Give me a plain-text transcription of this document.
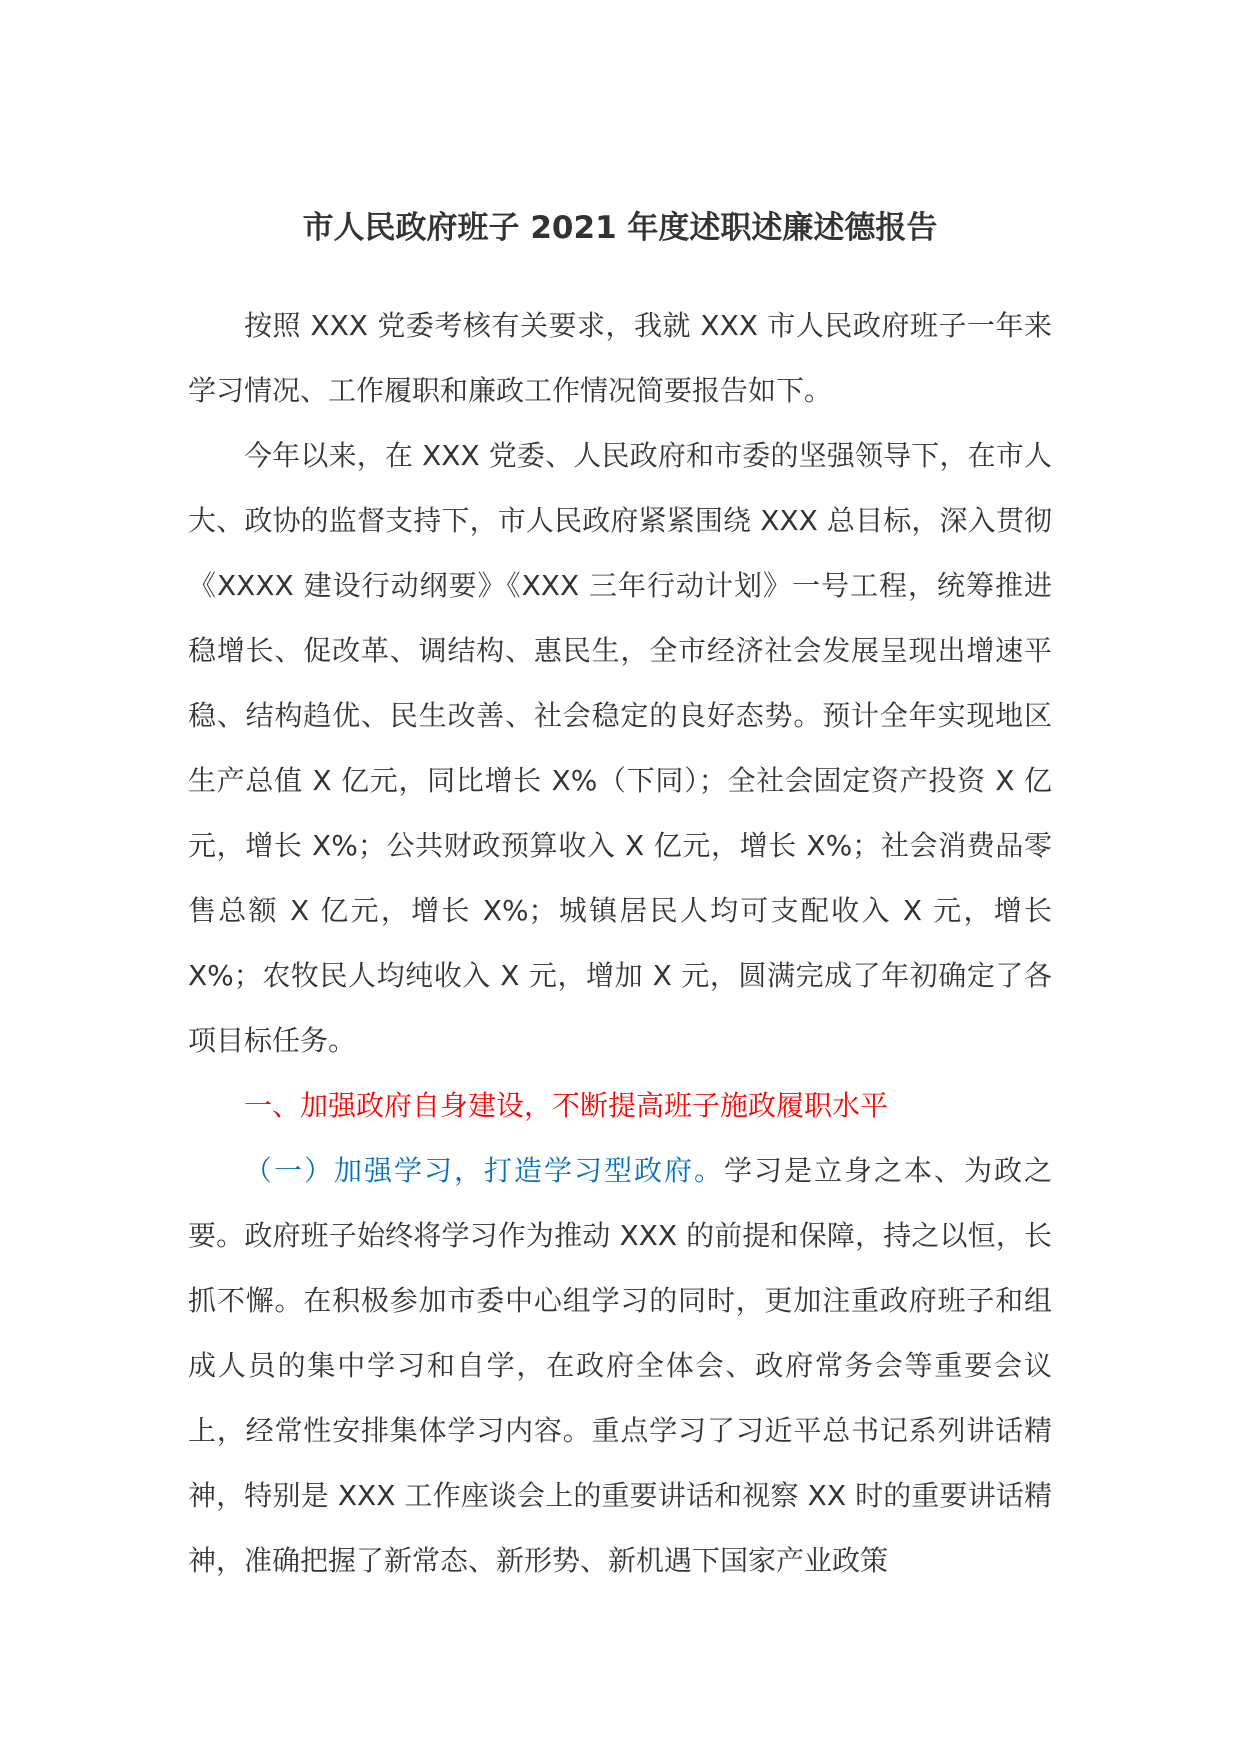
市人民政府班子 2021 年度述职述廉述德报告

按照 XXX 党委考核有关要求，我就 XXX 市人民政府班子一年来学习情况、工作履职和廉政工作情况简要报告如下。

今年以来，在 XXX 党委、人民政府和市委的坚强领导下，在市人大、政协的监督支持下，市人民政府紧紧围绕 XXX 总目标，深入贯彻《XXXX 建设行动纲要》《XXX 三年行动计划》一号工程，统筹推进稳增长、促改革、调结构、惠民生，全市经济社会发展呈现出增速平稳、结构趋优、民生改善、社会稳定的良好态势。预计全年实现地区生产总值 X 亿元，同比增长 X%（下同）；全社会固定资产投资 X 亿元，增长 X%；公共财政预算收入 X 亿元，增长 X%；社会消费品零售总额 X 亿元，增长 X%；城镇居民人均可支配收入 X 元，增长 X%；农牧民人均纯收入 X 元，增加 X 元，圆满完成了年初确定了各项目标任务。

一、加强政府自身建设，不断提高班子施政履职水平

（一）加强学习，打造学习型政府。学习是立身之本、为政之要。政府班子始终将学习作为推动 XXX 的前提和保障，持之以恒，长抓不懈。在积极参加市委中心组学习的同时，更加注重政府班子和组成人员的集中学习和自学，在政府全体会、政府常务会等重要会议上，经常性安排集体学习内容。重点学习了习近平总书记系列讲话精神，特别是 XXX 工作座谈会上的重要讲话和视察 XX 时的重要讲话精神，准确把握了新常态、新形势、新机遇下国家产业政策
